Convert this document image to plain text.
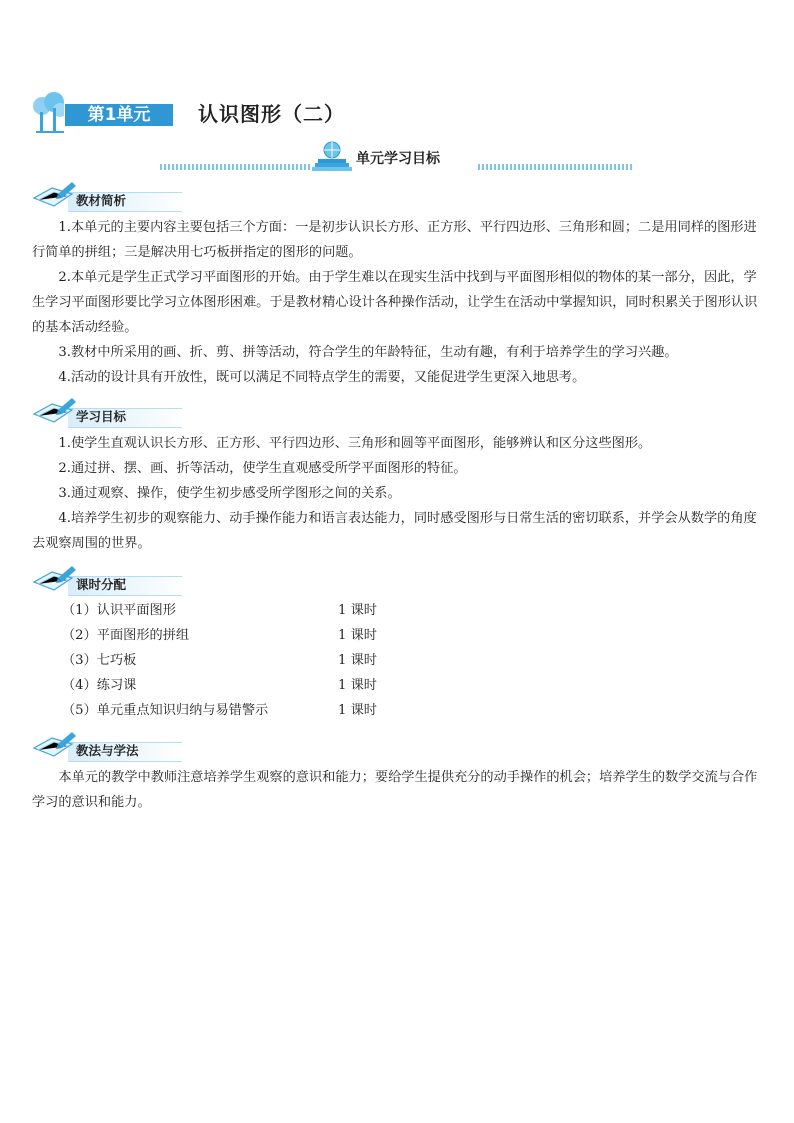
第1单元	认识图形（二）
单元学习目标
教材简析

1.本单元的主要内容主要包括三个方面：一是初步认识长方形、正方形、平行四边形、三角形和圆；二是用同样的图形进行简单的拼组；三是解决用七巧板拼指定的图形的问题。

2.本单元是学生正式学习平面图形的开始。由于学生难以在现实生活中找到与平面图形相似的物体的某一部分，因此，学生学习平面图形要比学习立体图形困难。于是教材精心设计各种操作活动，让学生在活动中掌握知识，同时积累关于图形认识的基本活动经验。

3.教材中所采用的画、折、剪、拼等活动，符合学生的年龄特征，生动有趣，有利于培养学生的学习兴趣。

4.活动的设计具有开放性，既可以满足不同特点学生的需要，又能促进学生更深入地思考。

学习目标

1.使学生直观认识长方形、正方形、平行四边形、三角形和圆等平面图形，能够辨认和区分这些图形。

2.通过拼、摆、画、折等活动，使学生直观感受所学平面图形的特征。

3.通过观察、操作，使学生初步感受所学图形之间的关系。

4.培养学生初步的观察能力、动手操作能力和语言表达能力，同时感受图形与日常生活的密切联系，并学会从数学的角度去观察周围的世界。

课时分配
（1）认识平面图形	1 课时
（2）平面图形的拼组	1 课时
（3）七巧板	1 课时
（4）练习课	1 课时
（5）单元重点知识归纳与易错警示	1 课时
教法与学法

本单元的教学中教师注意培养学生观察的意识和能力；要给学生提供充分的动手操作的机会；培养学生的数学交流与合作学习的意识和能力。
